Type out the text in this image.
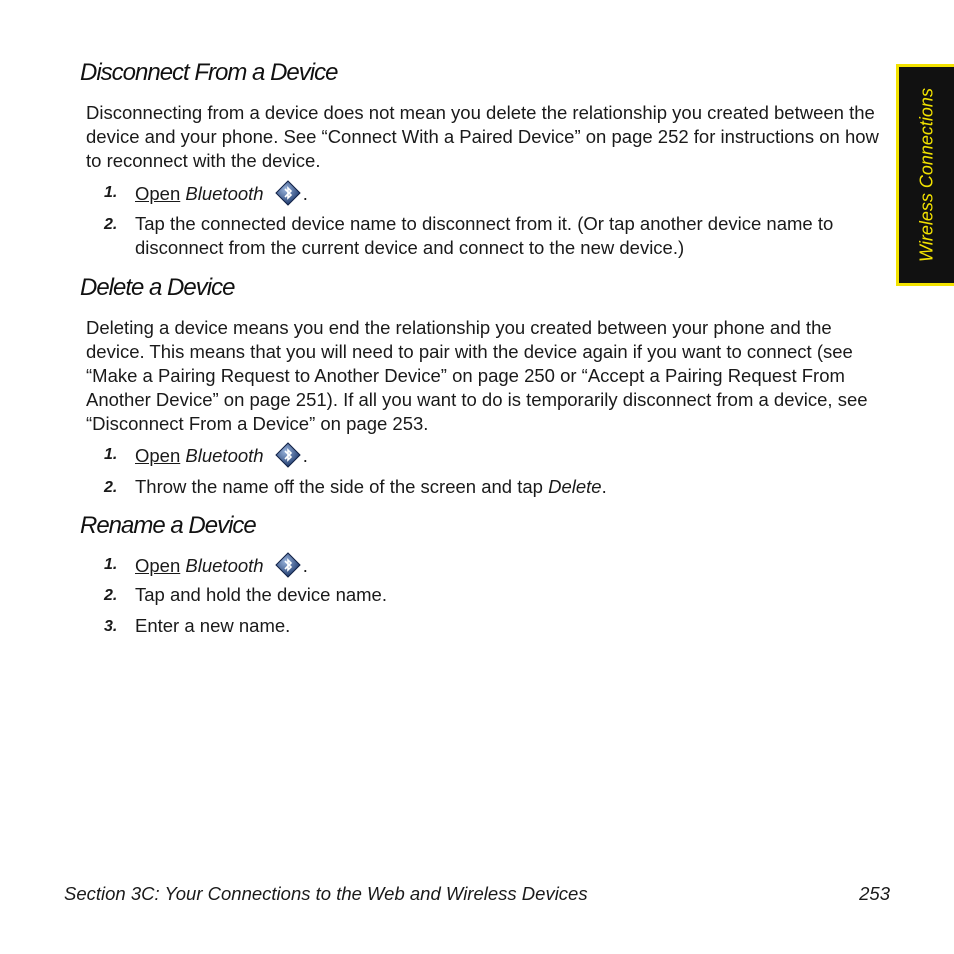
Wireless Connections
Disconnect From a Device

Disconnecting from a device does not mean you delete the relationship you created between the device and your phone. See “Connect With a Paired Device” on page 252 for instructions on how to reconnect with the device.

1. Open Bluetooth .
2. Tap the connected device name to disconnect from it. (Or tap another device name to disconnect from the current device and connect to the new device.)
Delete a Device

Deleting a device means you end the relationship you created between your phone and the device. This means that you will need to pair with the device again if you want to connect (see “Make a Pairing Request to Another Device” on page 250 or “Accept a Pairing Request From Another Device” on page 251). If all you want to do is temporarily disconnect from a device, see “Disconnect From a Device” on page 253.

1. Open Bluetooth .
2. Throw the name off the side of the screen and tap Delete.
Rename a Device
1. Open Bluetooth .
2. Tap and hold the device name.
3. Enter a new name.
Section 3C: Your Connections to the Web and Wireless Devices	253
